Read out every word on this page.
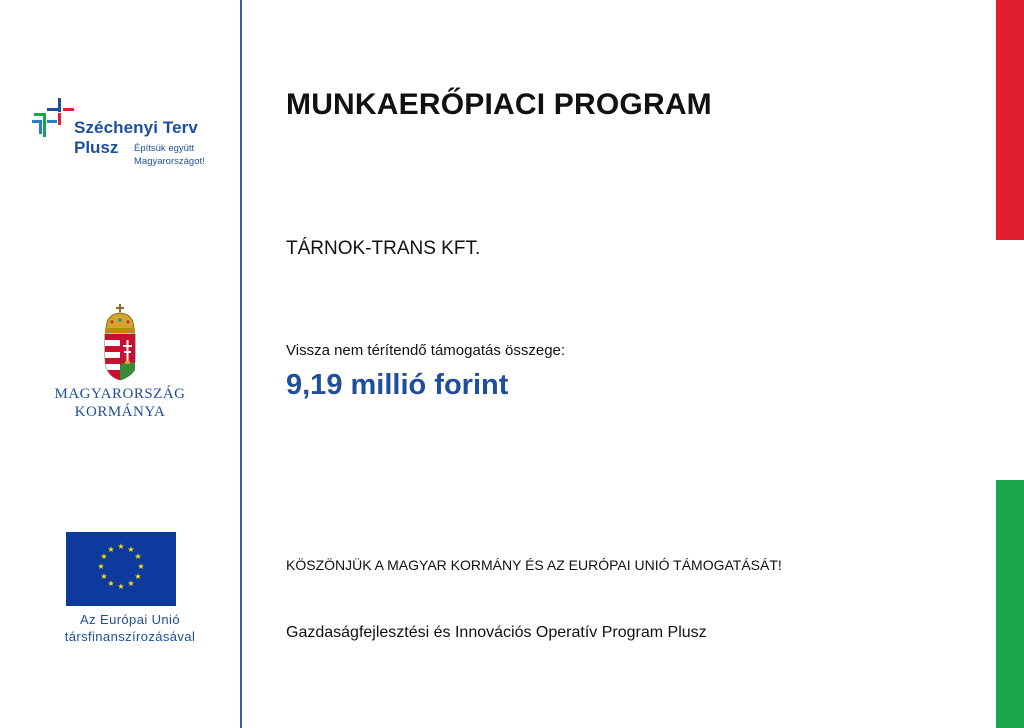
Széchenyi Terv
Plusz Építsük együtt
Magyarországot!
MAGYARORSZÁG
KORMÁNYA
★ ★
★
★
★
★
★
★
★
★
★
★
Az Európai Unió
társfinanszírozásával
MUNKAERŐPIACI PROGRAM
TÁRNOK-TRANS KFT.
Vissza nem térítendő támogatás összege:
9,19 millió forint
KÖSZÖNJÜK A MAGYAR KORMÁNY ÉS AZ EURÓPAI UNIÓ TÁMOGATÁSÁT!
Gazdaságfejlesztési és Innovációs Operatív Program Plusz
